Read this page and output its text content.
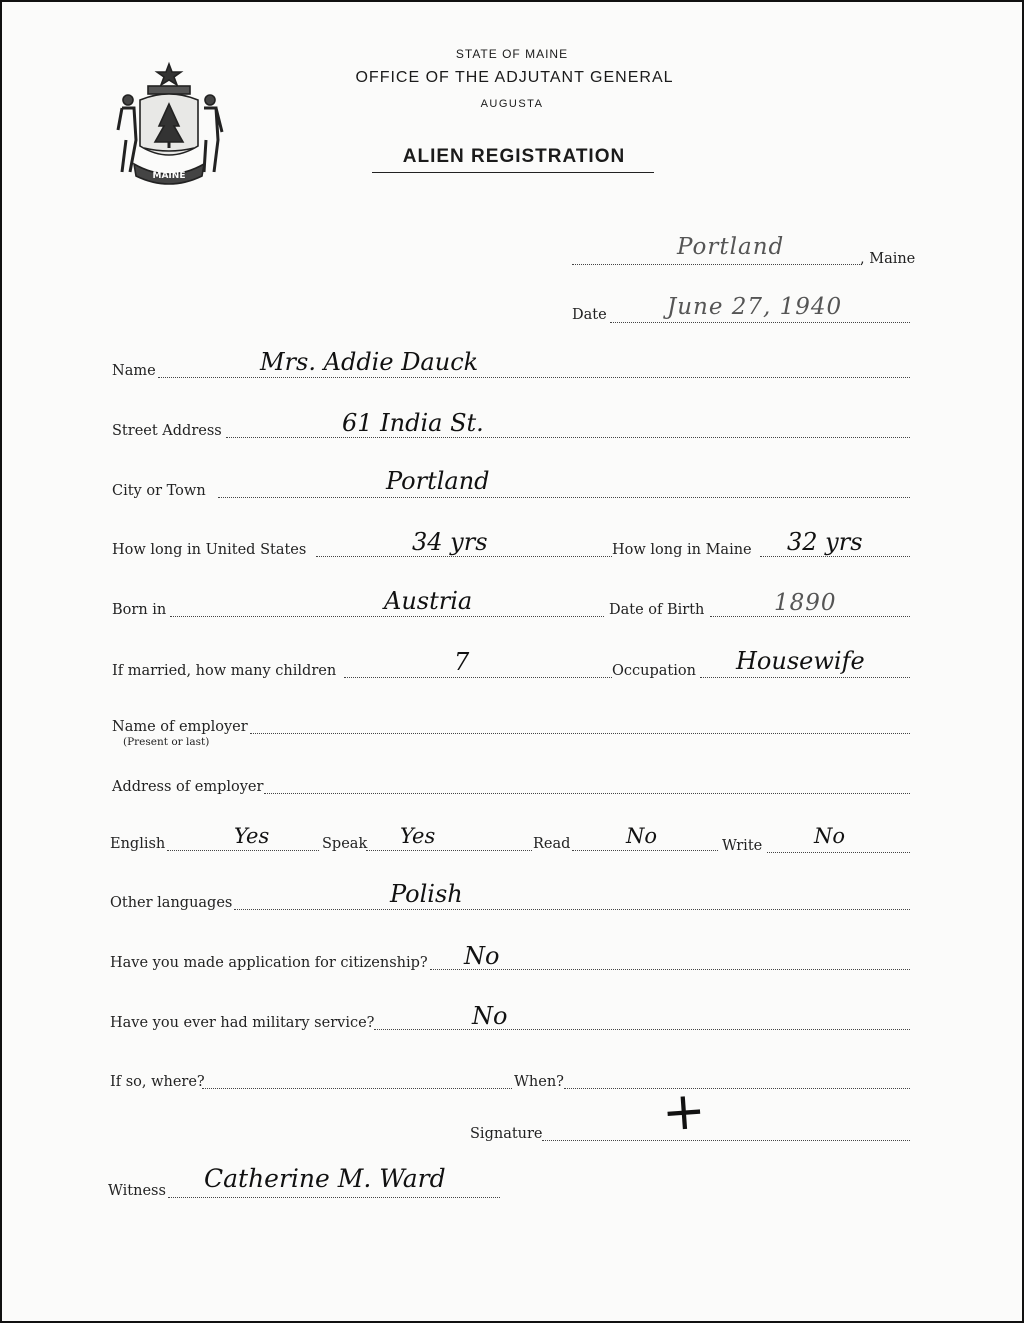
MAINE
STATE OF MAINE
OFFICE OF THE ADJUTANT GENERAL
AUGUSTA
ALIEN REGISTRATION
Portland	, Maine
Date	June 27, 1940
Name	Mrs. Addie Dauck
Street Address	61 India St.
City or Town	Portland
How long in United States	34 yrs	How long in Maine 32 yrs
Born in	Austria	Date of Birth	1890
If married, how many children	7	Occupation Housewife
Name of employer
(Present or last)
Address of employer
English	Yes	Speak Yes	Read	No	Write No
Other languages	Polish
Have you made application for citizenship? No
Have you ever had military service?	No
If so, where?	When?
Signature +
Witness Catherine M. Ward
